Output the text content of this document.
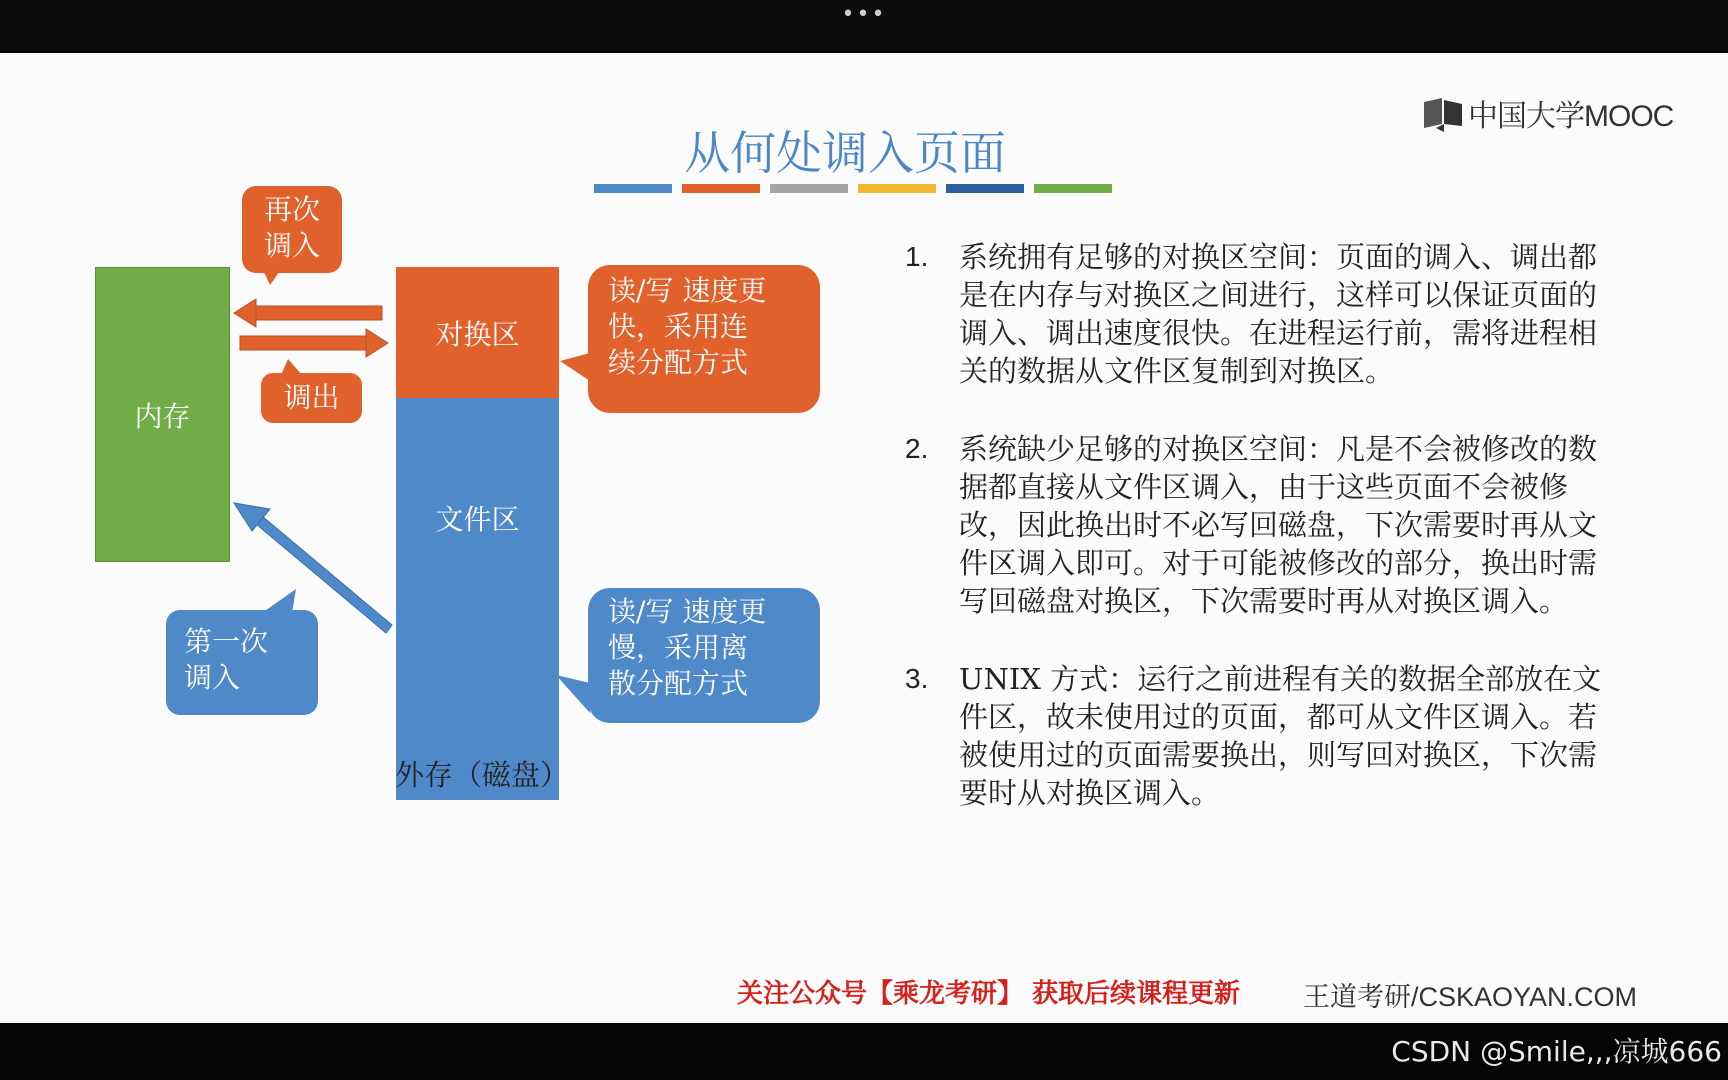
•••
中国大学MOOC
从何处调入页面
内存
对换区
文件区
外存（磁盘）
再次
调入
调出
读/写 速度更
快，采用连
续分配方式
读/写 速度更
慢，采用离
散分配方式
第一次
调入
1.	系统拥有足够的对换区空间：页面的调入、调出都是在内存与对换区之间进行，这样可以保证页面的调入、调出速度很快。在进程运行前，需将进程相关的数据从文件区复制到对换区。
2.	系统缺少足够的对换区空间：凡是不会被修改的数据都直接从文件区调入，由于这些页面不会被修改，因此换出时不必写回磁盘，下次需要时再从文件区调入即可。对于可能被修改的部分，换出时需写回磁盘对换区，下次需要时再从对换区调入。
3.	UNIX 方式：运行之前进程有关的数据全部放在文件区，故未使用过的页面，都可从文件区调入。若被使用过的页面需要换出，则写回对换区，下次需要时从对换区调入。
关注公众号【乘龙考研】 获取后续课程更新 王道考研/CSKAOYAN.COM
CSDN @Smile,,,凉城666
